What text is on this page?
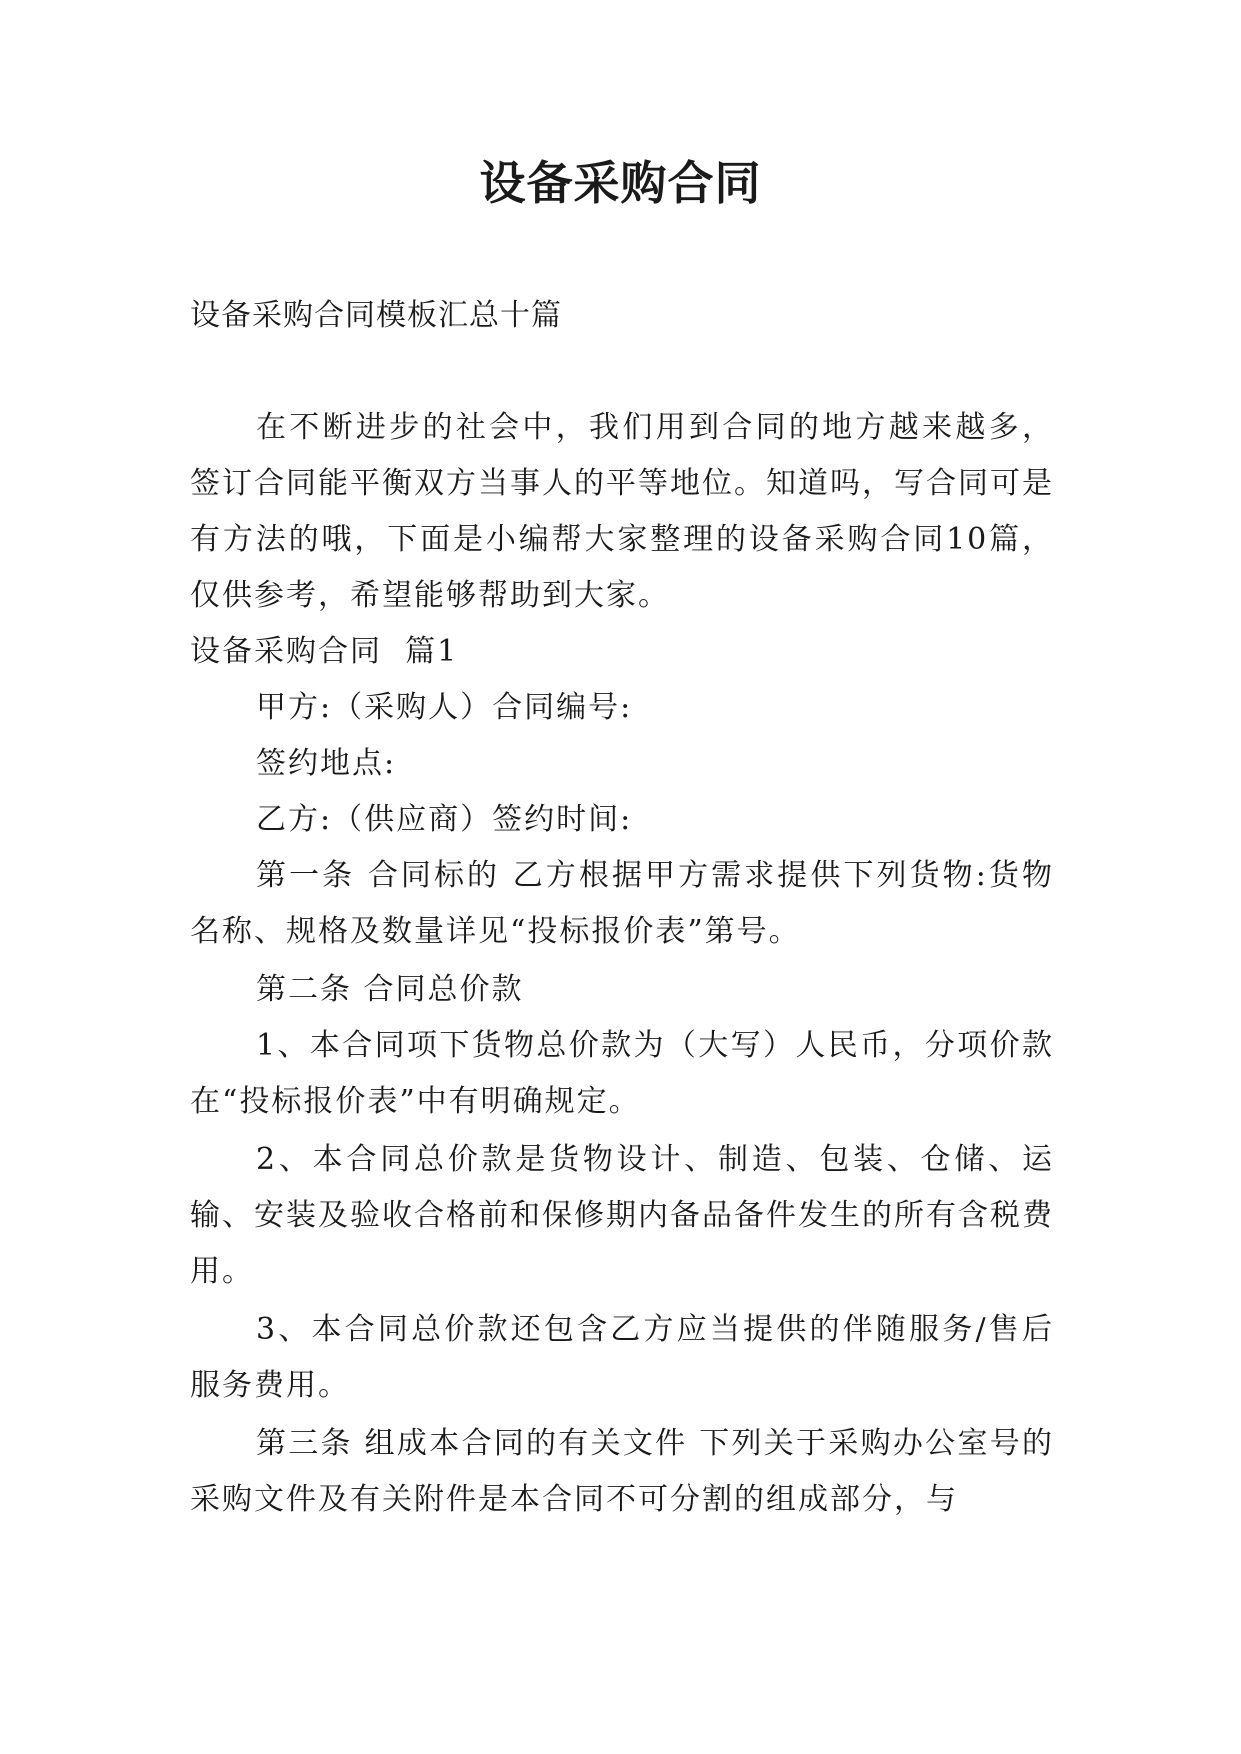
设备采购合同

设备采购合同模板汇总十篇

在不断进步的社会中，我们用到合同的地方越来越多，签订合同能平衡双方当事人的平等地位。知道吗，写合同可是有方法的哦，下面是小编帮大家整理的设备采购合同10篇，仅供参考，希望能够帮助到大家。

设备采购合同  篇1

甲方:（采购人）合同编号:

签约地点:

乙方:（供应商）签约时间:

第一条 合同标的 乙方根据甲方需求提供下列货物:货物名称、规格及数量详见“投标报价表”第号。

第二条 合同总价款

1、本合同项下货物总价款为（大写）人民币，分项价款在“投标报价表”中有明确规定。

2、本合同总价款是货物设计、制造、包装、仓储、运输、安装及验收合格前和保修期内备品备件发生的所有含税费用。

3、本合同总价款还包含乙方应当提供的伴随服务/售后服务费用。

第三条 组成本合同的有关文件 下列关于采购办公室号的采购文件及有关附件是本合同不可分割的组成部分，与
